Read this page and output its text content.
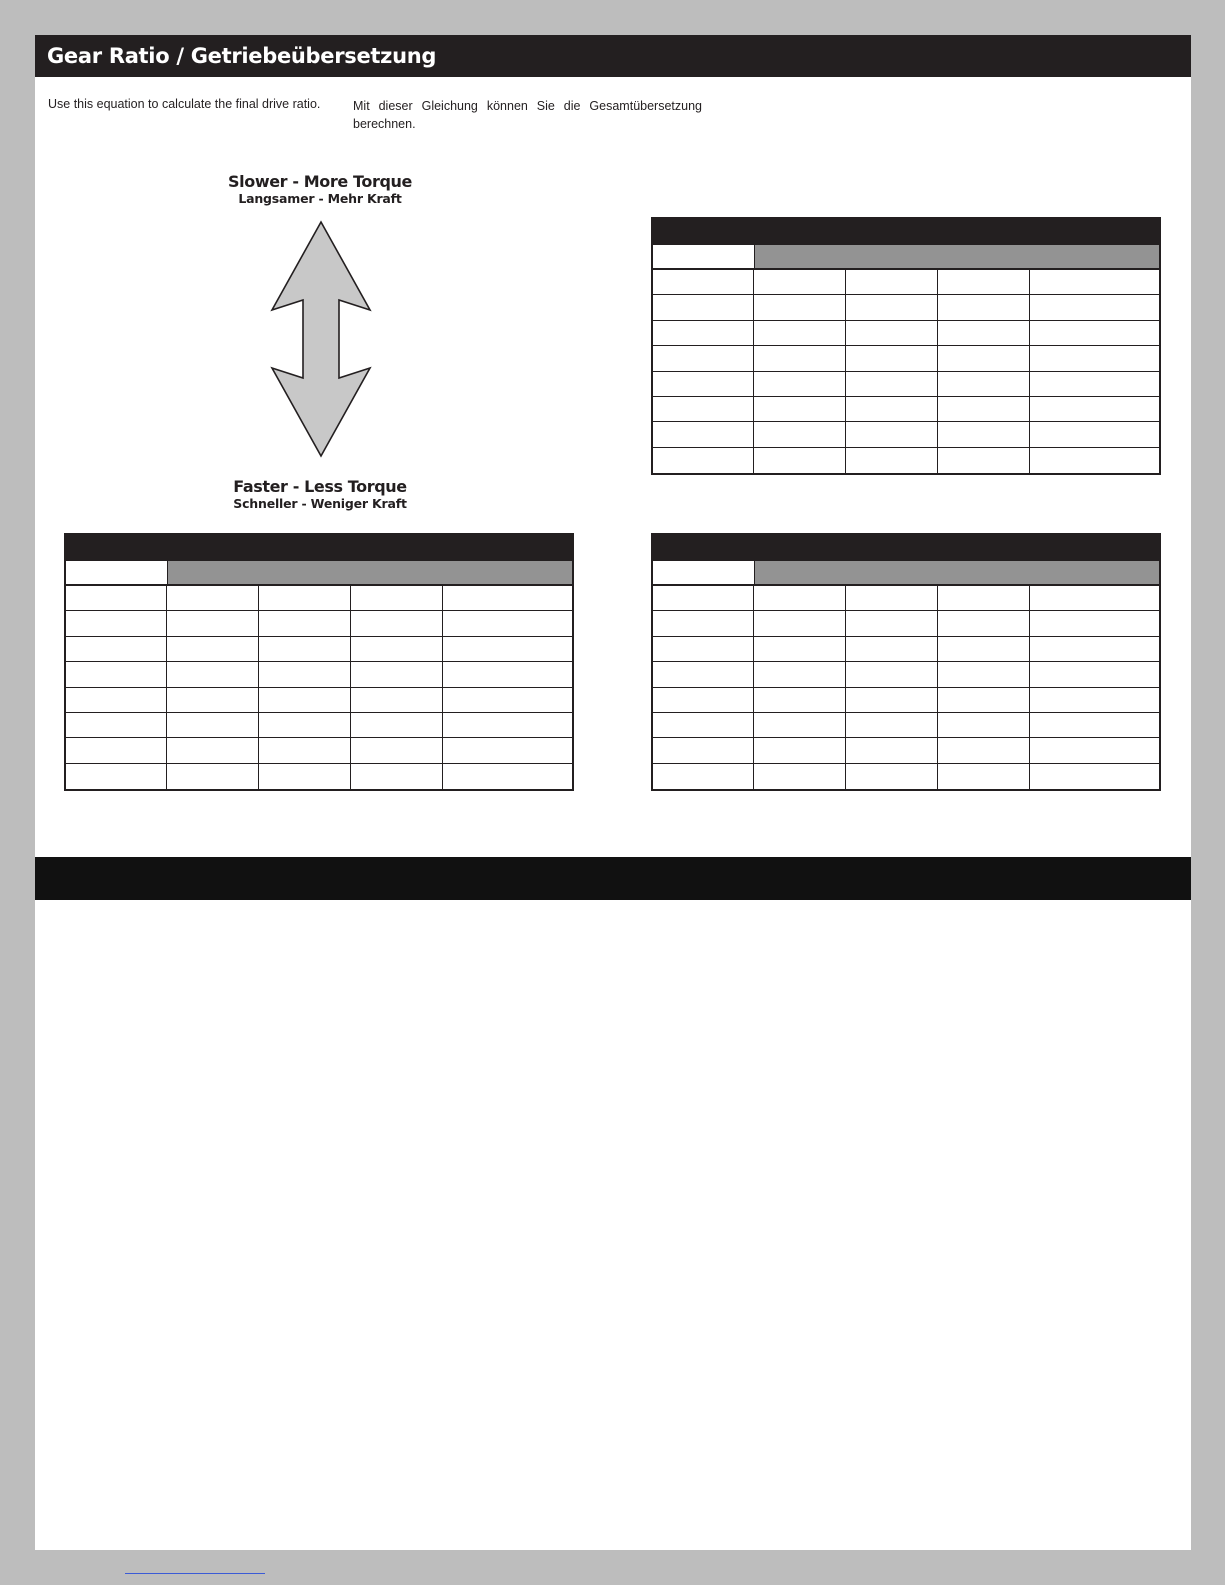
Gear Ratio / Getriebeübersetzung
Use this equation to calculate the final drive ratio.	Mit dieser Gleichung können Sie die Gesamtübersetzung berechnen.
Slower - More Torque
Langsamer - Mehr Kraft
Faster - Less Torque
Schneller - Weniger Kraft
